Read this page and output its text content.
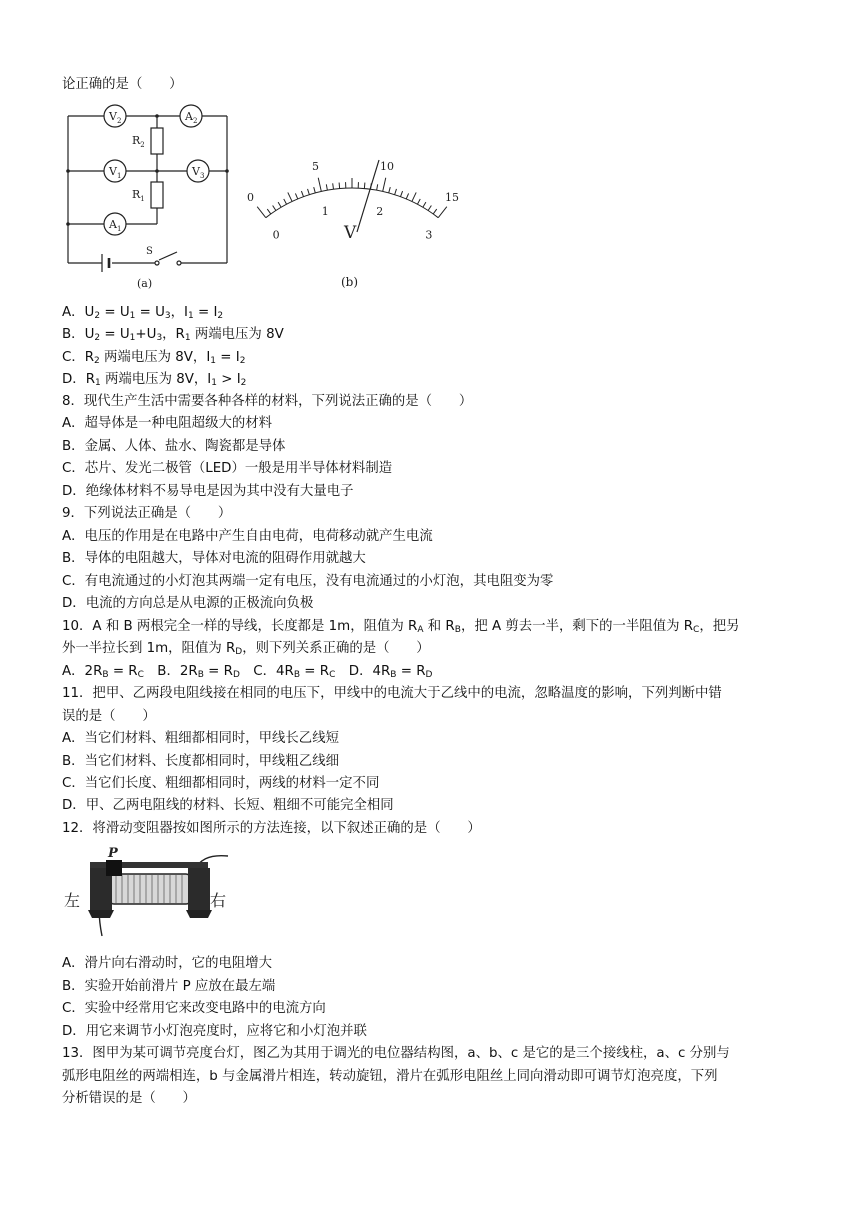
论正确的是（　　）
$V_2$	$A_2$
$V_1$	$V_3$
$A_1$
$R_2$
$R_1$
S
(a)
0
5	10
15
0
1	2
3
V
(b)
A．$U_2 = U_1 = U_3$，$I_1 = I_2$
B．$U_2 = U_1+U_3$，$R_1$ 两端电压为 8V
C．$R_2$ 两端电压为 8V，$I_1 = I_2$
D．$R_1$ 两端电压为 8V，$I_1 > I_2$
8．现代生产生活中需要各种各样的材料，下列说法正确的是（　　）
A．超导体是一种电阻超级大的材料
B．金属、人体、盐水、陶瓷都是导体
C．芯片、发光二极管（LED）一般是用半导体材料制造
D．绝缘体材料不易导电是因为其中没有大量电子
9．下列说法正确是（　　）
A．电压的作用是在电路中产生自由电荷，电荷移动就产生电流
B．导体的电阻越大，导体对电流的阻碍作用就越大
C．有电流通过的小灯泡其两端一定有电压，没有电流通过的小灯泡，其电阻变为零
D．电流的方向总是从电源的正极流向负极
10．A 和 B 两根完全一样的导线，长度都是 1m，阻值为 $R_A$ 和 $R_B$，把 A 剪去一半，剩下的一半阻值为 $R_C$，把另
外一半拉长到 1m，阻值为 $R_D$，则下列关系正确的是（　　）
A．$2R_B = R_C$　B．$2R_B = R_D$　C．$4R_B = R_C$　D．$4R_B = R_D$
11．把甲、乙两段电阻线接在相同的电压下，甲线中的电流大于乙线中的电流，忽略温度的影响，下列判断中错
误的是（　　）
A．当它们材料、粗细都相同时，甲线长乙线短
B．当它们材料、长度都相同时，甲线粗乙线细
C．当它们长度、粗细都相同时，两线的材料一定不同
D．甲、乙两电阻线的材料、长短、粗细不可能完全相同
12．将滑动变阻器按如图所示的方法连接，以下叙述正确的是（　　）
P
左	右
A．滑片向右滑动时，它的电阻增大
B．实验开始前滑片 P 应放在最左端
C．实验中经常用它来改变电路中的电流方向
D．用它来调节小灯泡亮度时，应将它和小灯泡并联
13．图甲为某可调节亮度台灯，图乙为其用于调光的电位器结构图，a、b、c 是它的是三个接线柱，a、c 分别与
弧形电阻丝的两端相连，b 与金属滑片相连，转动旋钮，滑片在弧形电阻丝上同向滑动即可调节灯泡亮度，下列
分析错误的是（　　）
